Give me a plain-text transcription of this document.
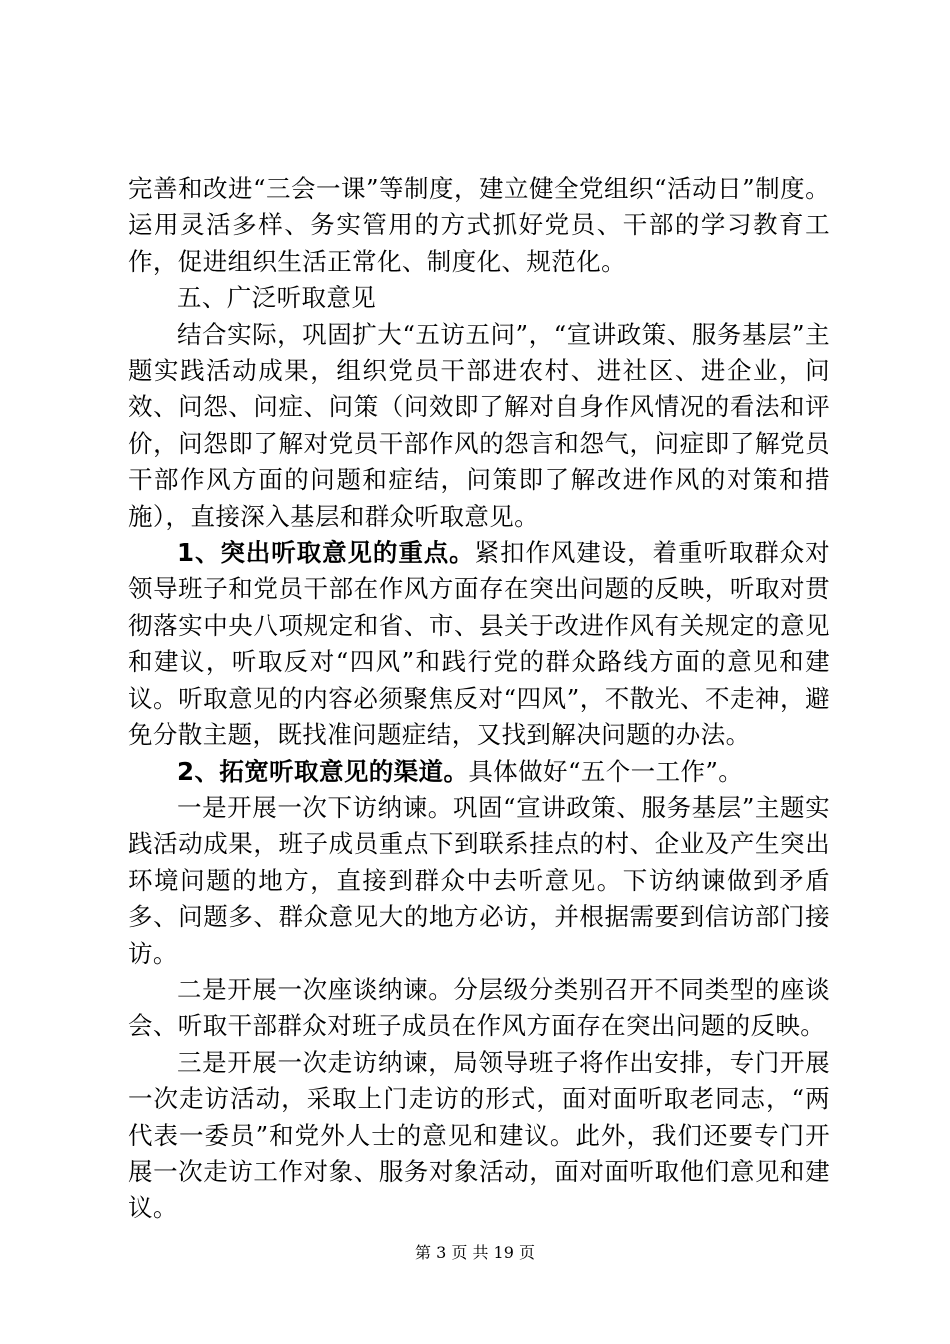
完善和改进“三会一课”等制度，建立健全党组织“活动日”制度。运用灵活多样、务实管用的方式抓好党员、干部的学习教育工作，促进组织生活正常化、制度化、规范化。

五、广泛听取意见

结合实际，巩固扩大“五访五问”，“宣讲政策、服务基层”主题实践活动成果，组织党员干部进农村、进社区、进企业，问效、问怨、问症、问策（问效即了解对自身作风情况的看法和评价，问怨即了解对党员干部作风的怨言和怨气，问症即了解党员干部作风方面的问题和症结，问策即了解改进作风的对策和措施），直接深入基层和群众听取意见。

1、突出听取意见的重点。紧扣作风建设，着重听取群众对领导班子和党员干部在作风方面存在突出问题的反映，听取对贯彻落实中央八项规定和省、市、县关于改进作风有关规定的意见和建议，听取反对“四风”和践行党的群众路线方面的意见和建议。听取意见的内容必须聚焦反对“四风”，不散光、不走神，避免分散主题，既找准问题症结，又找到解决问题的办法。

2、拓宽听取意见的渠道。具体做好“五个一工作”。

一是开展一次下访纳谏。巩固“宣讲政策、服务基层”主题实践活动成果，班子成员重点下到联系挂点的村、企业及产生突出环境问题的地方，直接到群众中去听意见。下访纳谏做到矛盾多、问题多、群众意见大的地方必访，并根据需要到信访部门接访。

二是开展一次座谈纳谏。分层级分类别召开不同类型的座谈会、听取干部群众对班子成员在作风方面存在突出问题的反映。

三是开展一次走访纳谏，局领导班子将作出安排，专门开展一次走访活动，采取上门走访的形式，面对面听取老同志，“两代表一委员”和党外人士的意见和建议。此外，我们还要专门开展一次走访工作对象、服务对象活动，面对面听取他们意见和建议。

第 3 页 共 19 页
